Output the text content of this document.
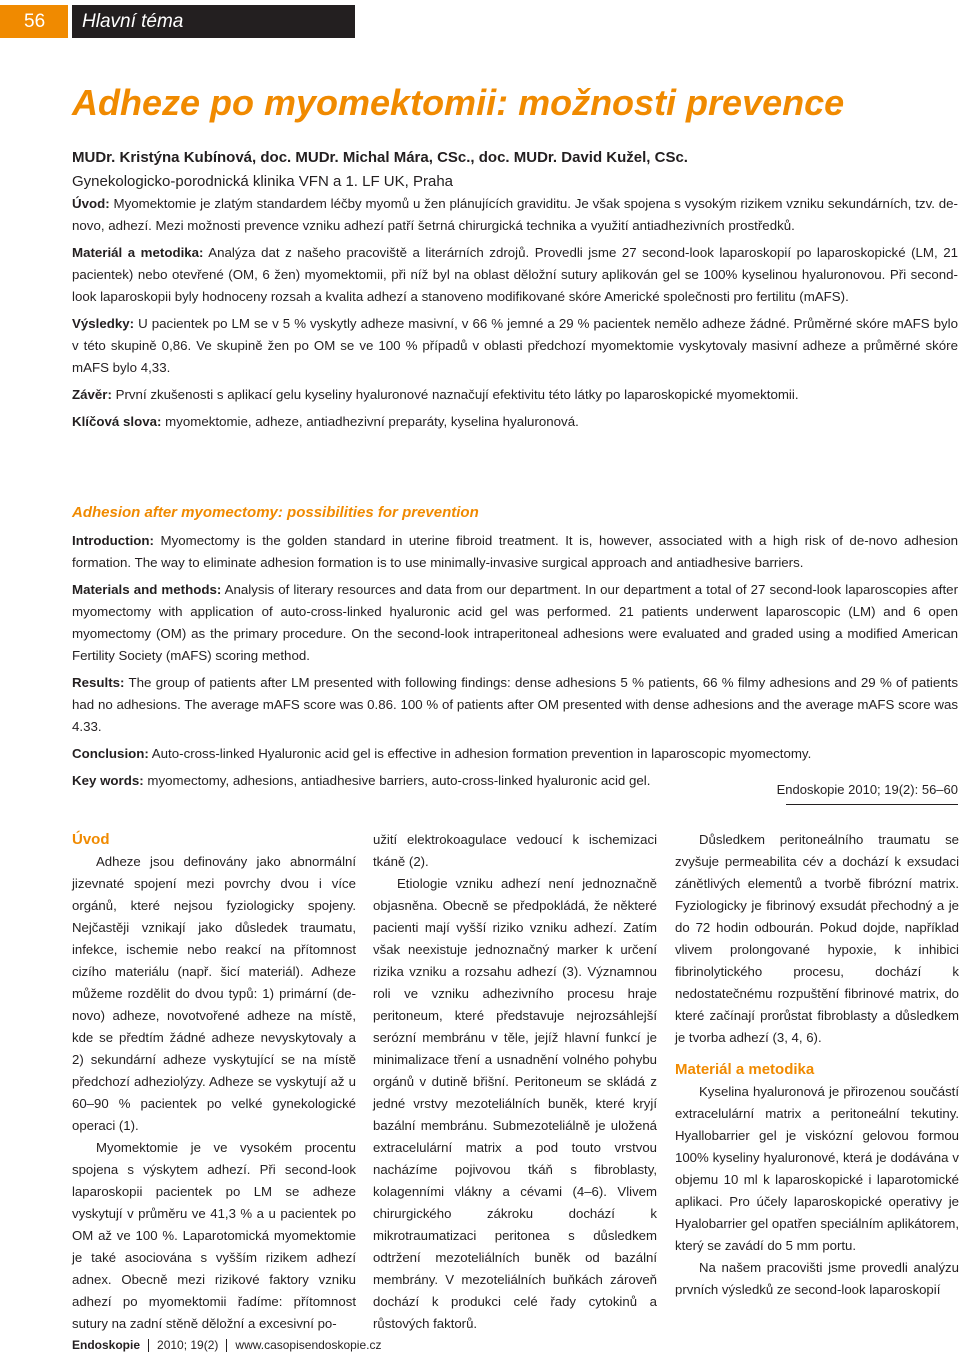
56	Hlavní téma
Adheze po myomektomii: možnosti prevence
MUDr. Kristýna Kubínová, doc. MUDr. Michal Mára, CSc., doc. MUDr. David Kužel, CSc.
Gynekologicko-porodnická klinika VFN a 1. LF UK, Praha

Úvod: Myomektomie je zlatým standardem léčby myomů u žen plánujících graviditu. Je však spojena s vysokým rizikem vzniku sekundárních, tzv. de-novo, adhezí. Mezi možnosti prevence vzniku adhezí patří šetrná chirurgická technika a využití antiadhezivních prostředků.

Materiál a metodika: Analýza dat z našeho pracoviště a literárních zdrojů. Provedli jsme 27 second-look laparoskopií po laparoskopické (LM, 21 pacientek) nebo otevřené (OM, 6 žen) myomektomii, při níž byl na oblast děložní sutury aplikován gel se 100% kyselinou hyaluronovou. Při second-look laparoskopii byly hodnoceny rozsah a kvalita adhezí a stanoveno modifikované skóre Americké společnosti pro fertilitu (mAFS).

Výsledky: U pacientek po LM se v 5 % vyskytly adheze masivní, v 66 % jemné a 29 % pacientek nemělo adheze žádné. Průměrné skóre mAFS bylo v této skupině 0,86. Ve skupině žen po OM se ve 100 % případů v oblasti předchozí myomektomie vyskytovaly masivní adheze a průměrné skóre mAFS bylo 4,33.

Závěr: První zkušenosti s aplikací gelu kyseliny hyaluronové naznačují efektivitu této látky po laparoskopické myomektomii.

Klíčová slova: myomektomie, adheze, antiadhezivní preparáty, kyselina hyaluronová.

Adhesion after myomectomy: possibilities for prevention

Introduction: Myomectomy is the golden standard in uterine fibroid treatment. It is, however, associated with a high risk of de-novo adhesion formation. The way to eliminate adhesion formation is to use minimally-invasive surgical approach and antiadhesive barriers.

Materials and methods: Analysis of literary resources and data from our department. In our department a total of 27 second-look laparoscopies after myomectomy with application of auto-cross-linked hyaluronic acid gel was performed. 21 patients underwent laparoscopic (LM) and 6 open myomectomy (OM) as the primary procedure. On the second-look intraperitoneal adhesions were evaluated and graded using a modified American Fertility Society (mAFS) scoring method.

Results: The group of patients after LM presented with following findings: dense adhesions 5 % patients, 66 % filmy adhesions and 29 % of patients had no adhesions. The average mAFS score was 0.86. 100 % of patients after OM presented with dense adhesions and the average mAFS score was 4.33.

Conclusion: Auto-cross-linked Hyaluronic acid gel is effective in adhesion formation prevention in laparoscopic myomectomy.

Key words: myomectomy, adhesions, antiadhesive barriers, auto-cross-linked hyaluronic acid gel.

Endoskopie 2010; 19(2): 56–60
Úvod

Adheze jsou definovány jako abnormální jizevnaté spojení mezi povrchy dvou i více orgánů, které nejsou fyziologicky spojeny. Nejčastěji vznikají jako důsledek traumatu, infekce, ischemie nebo reakcí na přítomnost cizího materiálu (např. šicí materiál). Adheze můžeme rozdělit do dvou typů: 1) primární (de-novo) adheze, novotvořené adheze na místě, kde se předtím žádné adheze nevyskytovaly a 2) sekundární adheze vyskytující se na místě předchozí adheziolýzy. Adheze se vyskytují až u 60–90 % pacientek po velké gynekologické operaci (1).

Myomektomie je ve vysokém procentu spojena s výskytem adhezí. Při second-look laparoskopii pacientek po LM se adheze vyskytují v průměru ve 41,3 % a u pacientek po OM až ve 100 %. Laparotomická myomektomie je také asociována s vyšším rizikem adhezí adnex. Obecně mezi rizikové faktory vzniku adhezí po myomektomii řadíme: přítomnost sutury na zadní stěně děložní a excesivní po-

užití elektrokoagulace vedoucí k ischemizaci tkáně (2).

Etiologie vzniku adhezí není jednoznačně objasněna. Obecně se předpokládá, že některé pacienti mají vyšší riziko vzniku adhezí. Zatím však neexistuje jednoznačný marker k určení rizika vzniku a rozsahu adhezí (3). Významnou roli ve vzniku adhezivního procesu hraje peritoneum, které představuje nejrozsáhlejší serózní membránu v těle, jejíž hlavní funkcí je minimalizace tření a usnadnění volného pohybu orgánů v dutině břišní. Peritoneum se skládá z jedné vrstvy mezoteliálních buněk, které kryjí bazální membránu. Submezoteliálně je uložená extracelulární matrix a pod touto vrstvou nacházíme pojivovou tkáň s fibroblasty, kolagenními vlákny a cévami (4–6). Vlivem chirurgického zákroku dochází k mikrotraumatizaci peritonea s důsledkem odtržení mezoteliálních buněk od bazální membrány. V mezoteliálních buňkách zároveň dochází k produkci celé řady cytokinů a růstových faktorů.

Důsledkem peritoneálního traumatu se zvyšuje permeabilita cév a dochází k exsudaci zánětlivých elementů a tvorbě fibrózní matrix. Fyziologicky je fibrinový exsudát přechodný a je do 72 hodin odbourán. Pokud dojde, například vlivem prolongované hypoxie, k inhibici fibrinolytického procesu, dochází k nedostatečnému rozpuštění fibrinové matrix, do které začínají prorůstat fibroblasty a důsledkem je tvorba adhezí (3, 4, 6).

Materiál a metodika

Kyselina hyaluronová je přirozenou součástí extracelulární matrix a peritoneální tekutiny. Hyallobarrier gel je viskózní gelovou formou 100% kyseliny hyaluronové, která je dodávána v objemu 10 ml k laparoskopické i laparotomické aplikaci. Pro účely laparoskopické operativy je Hyalobarrier gel opatřen speciálním aplikátorem, který se zavádí do 5 mm portu.

Na našem pracovišti jsme provedli analýzu prvních výsledků ze second-look laparoskopií

Endoskopie 2010; 19(2) www.casopisendoskopie.cz
